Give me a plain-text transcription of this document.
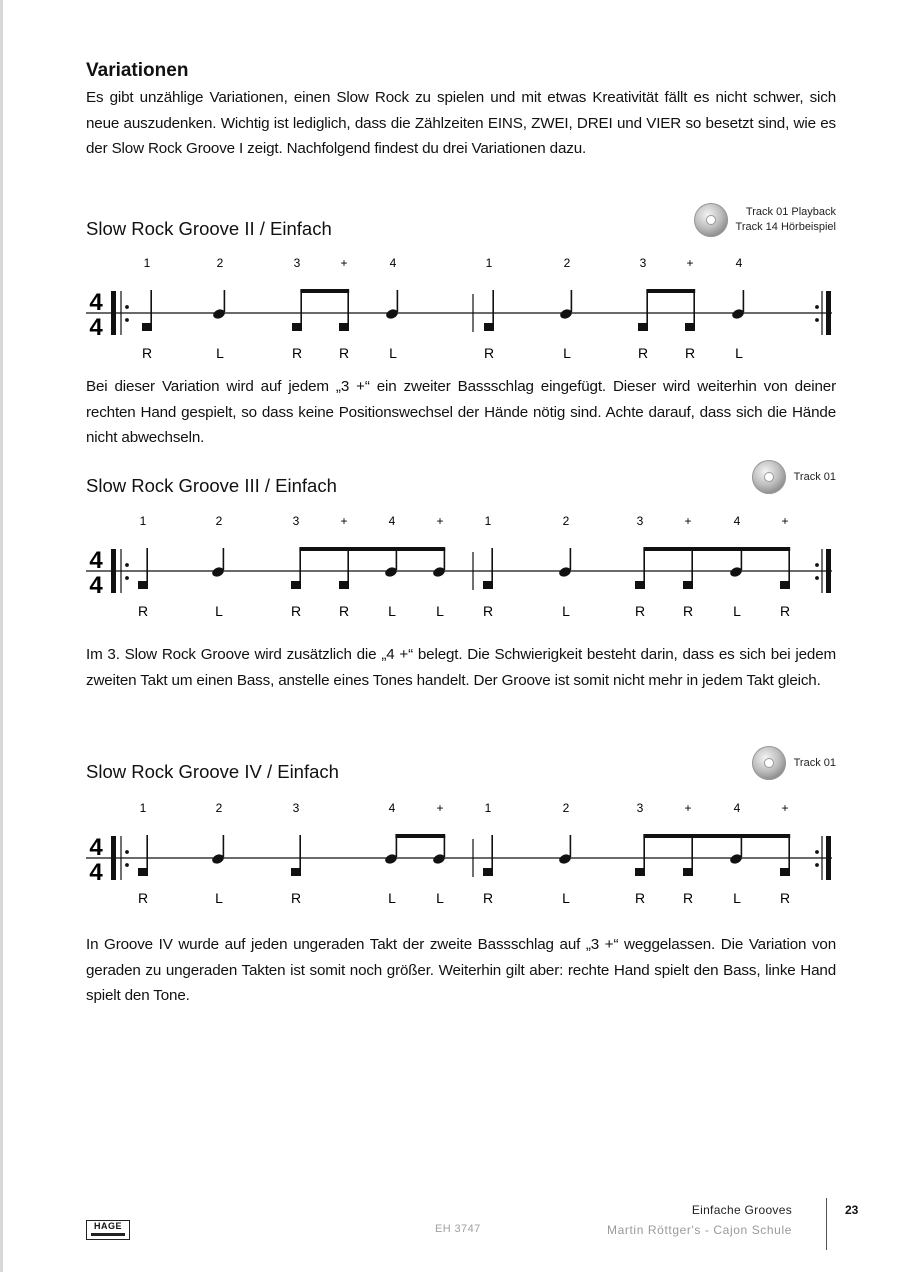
Variationen

Es gibt unzählige Variationen, einen Slow Rock zu spielen und mit etwas Kreativität fällt es nicht schwer, sich neue auszudenken. Wichtig ist lediglich, dass die Zählzeiten EINS, ZWEI, DREI und VIER so besetzt sind, wie es der Slow Rock Groove I zeigt. Nachfolgend findest du drei Variationen dazu.

Slow Rock Groove II / Einfach
Track 01 Playback
Track 14 Hörbeispiel
4
4
1
R
2
L
3
R
+
R
4
L
1
R
2
L
3
R
+
R
4
L

Bei dieser Variation wird auf jedem „3 +“ ein zweiter Bassschlag eingefügt. Dieser wird weiterhin von deiner rechten Hand gespielt, so dass keine Positionswechsel der Hände nötig sind. Achte darauf, dass sich die Hände nicht abwechseln.

Slow Rock Groove III / Einfach	Track 01
4
4
1
R
2
L
3
R
+
R
4
L
+
L
1
R
2
L
3
R
+
R
4
L
+
R

Im 3. Slow Rock Groove wird zusätzlich die „4 +“ belegt. Die Schwierigkeit besteht darin, dass es sich bei jedem zweiten Takt um einen Bass, anstelle eines Tones handelt. Der Groove ist somit nicht mehr in jedem Takt gleich.

Slow Rock Groove IV / Einfach	Track 01
4
4
1
R
2
L
3
R
4
L
+
L
1
R
2
L
3
R
+
R
4
L
+
R

In Groove IV wurde auf jeden ungeraden Takt der zweite Bassschlag auf „3 +“ weggelassen. Die Variation von geraden zu ungeraden Takten ist somit noch größer. Weiterhin gilt aber: rechte Hand spielt den Bass, linke Hand spielt den Tone.

HAGE	EH 3747
Einfache Grooves
Martin Röttger's - Cajon Schule
23
